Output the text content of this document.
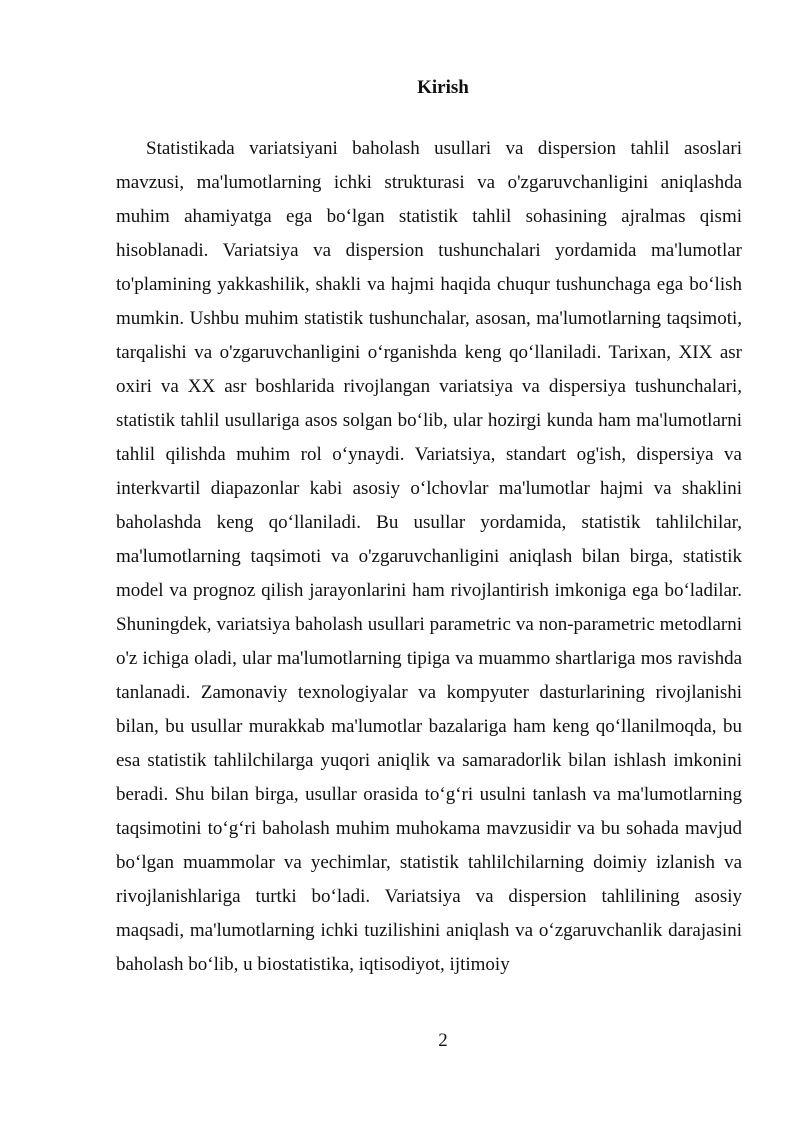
Kirish

Statistikada variatsiyani baholash usullari va dispersion tahlil asoslari mavzusi, ma'lumotlarning ichki strukturasi va o'zgaruvchanligini aniqlashda muhim ahamiyatga ega bo‘lgan statistik tahlil sohasining ajralmas qismi hisoblanadi. Variatsiya va dispersion tushunchalari yordamida ma'lumotlar to'plamining yakkashilik, shakli va hajmi haqida chuqur tushunchaga ega bo‘lish mumkin. Ushbu muhim statistik tushunchalar, asosan, ma'lumotlarning taqsimoti, tarqalishi va o'zgaruvchanligini o‘rganishda keng qo‘llaniladi. Tarixan, XIX asr oxiri va XX asr boshlarida rivojlangan variatsiya va dispersiya tushunchalari, statistik tahlil usullariga asos solgan bo‘lib, ular hozirgi kunda ham ma'lumotlarni tahlil qilishda muhim rol o‘ynaydi. Variatsiya, standart og'ish, dispersiya va interkvartil diapazonlar kabi asosiy o‘lchovlar ma'lumotlar hajmi va shaklini baholashda keng qo‘llaniladi. Bu usullar yordamida, statistik tahlilchilar, ma'lumotlarning taqsimoti va o'zgaruvchanligini aniqlash bilan birga, statistik model va prognoz qilish jarayonlarini ham rivojlantirish imkoniga ega bo‘ladilar. Shuningdek, variatsiya baholash usullari parametric va non-parametric metodlarni o'z ichiga oladi, ular ma'lumotlarning tipiga va muammo shartlariga mos ravishda tanlanadi. Zamonaviy texnologiyalar va kompyuter dasturlarining rivojlanishi bilan, bu usullar murakkab ma'lumotlar bazalariga ham keng qo‘llanilmoqda, bu esa statistik tahlilchilarga yuqori aniqlik va samaradorlik bilan ishlash imkonini beradi. Shu bilan birga, usullar orasida to‘g‘ri usulni tanlash va ma'lumotlarning taqsimotini to‘g‘ri baholash muhim muhokama mavzusidir va bu sohada mavjud bo‘lgan muammolar va yechimlar, statistik tahlilchilarning doimiy izlanish va rivojlanishlariga turtki bo‘ladi. Variatsiya va dispersion tahlilining asosiy maqsadi, ma'lumotlarning ichki tuzilishini aniqlash va o‘zgaruvchanlik darajasini baholash bo‘lib, u biostatistika, iqtisodiyot, ijtimoiy

2
